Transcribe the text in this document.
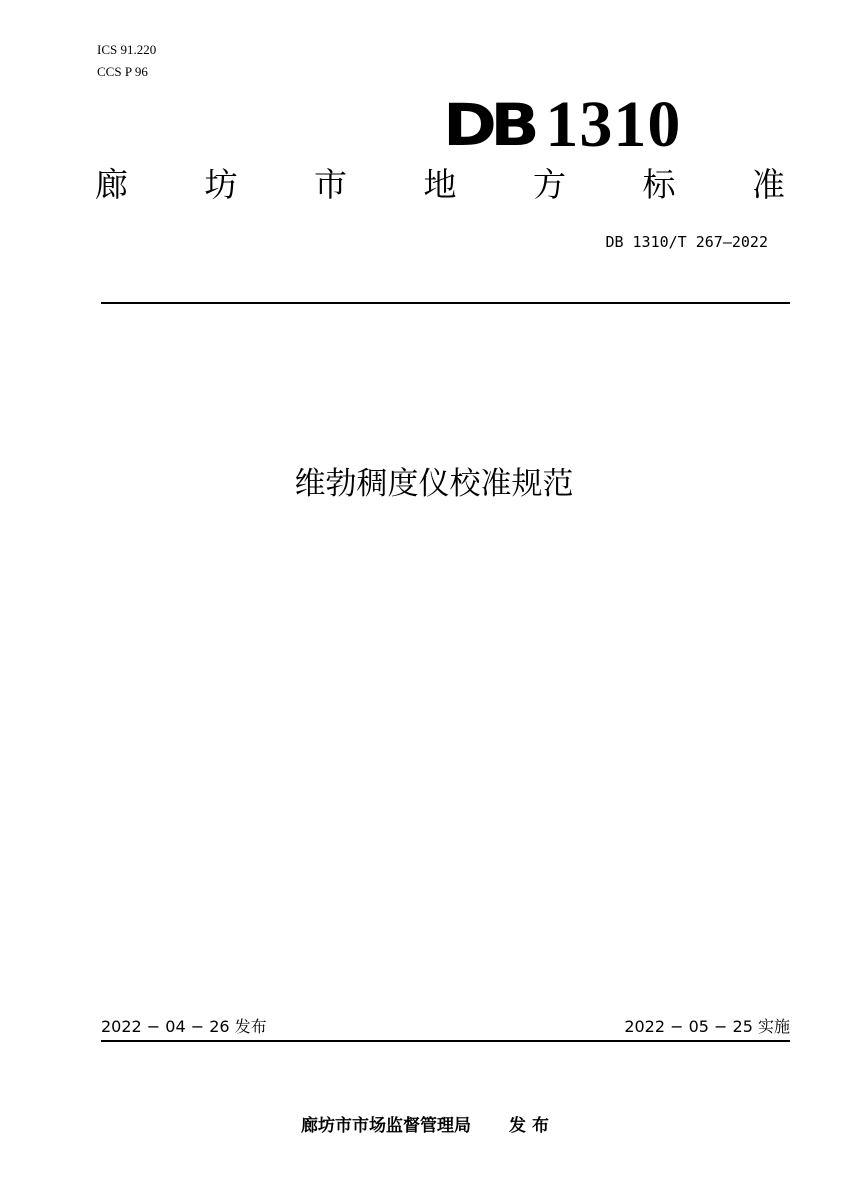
ICS 91.220
CCS P 96
DB 1310
廊 坊 市 地 方 标 准
DB 1310/T 267—2022
维勃稠度仪校准规范
2022 − 04 − 26 发布	2022 − 05 − 25 实施
廊坊市市场监督管理局 发 布
